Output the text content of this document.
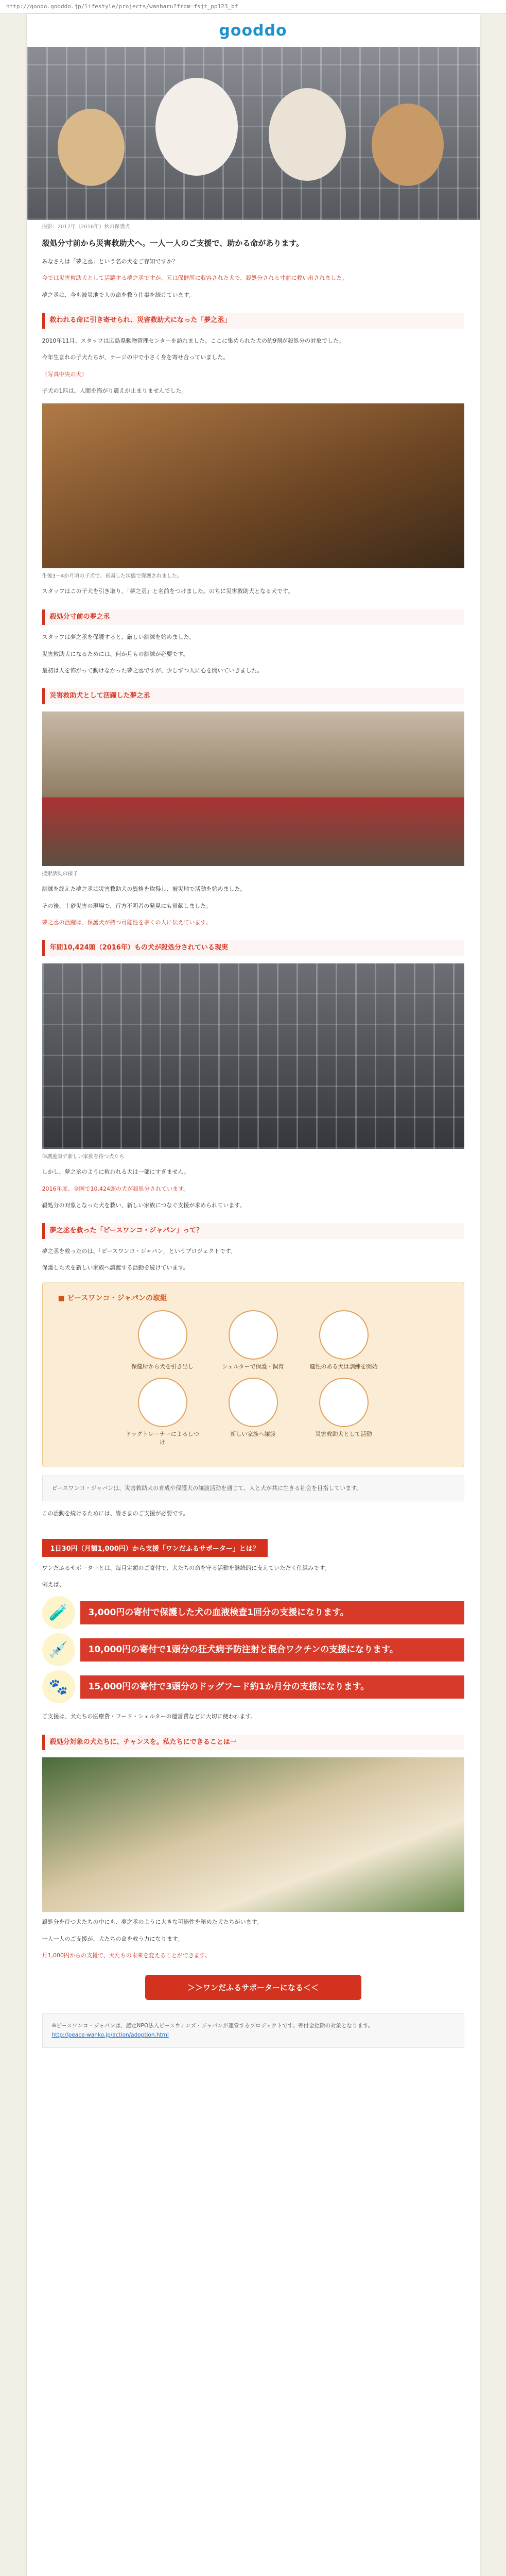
http://goodo.gooddo.jp/lifestyle/projects/wanbaru?from=fsjt_pp123_bf
gooddo
撮影：2017年（2016年）秋の保護犬
殺処分寸前から災害救助犬へ。一人一人のご支援で、助かる命があります。

みなさんは「夢之丞」という名の犬をご存知ですか？

今では災害救助犬として活躍する夢之丞ですが、元は保健所に収容された犬で、殺処分される寸前に救い出されました。

夢之丞は、今も被災地で人の命を救う仕事を続けています。

救われる命に引き寄せられ、災害救助犬になった「夢之丞」

2010年11月、スタッフは広島県動物管理センターを訪れました。ここに集められた犬の約9割が殺処分の対象でした。

今年生まれの子犬たちが、ケージの中で小さく身を寄せ合っていました。

（写真中央の犬）

子犬の1匹は、人間を怖がり震えが止まりませんでした。

生後3〜4か月頃の子犬で、衰弱した状態で保護されました。

スタッフはこの子犬を引き取り、「夢之丞」と名前をつけました。のちに災害救助犬となる犬です。

殺処分寸前の夢之丞

スタッフは夢之丞を保護すると、厳しい訓練を始めました。

災害救助犬になるためには、何か月もの訓練が必要です。

最初は人を怖がって動けなかった夢之丞ですが、少しずつ人に心を開いていきました。

災害救助犬として活躍した夢之丞
捜索活動の様子

訓練を終えた夢之丞は災害救助犬の資格を取得し、被災地で活動を始めました。

その後、土砂災害の現場で、行方不明者の発見にも貢献しました。

夢之丞の活躍は、保護犬が持つ可能性を多くの人に伝えています。

年間10,424頭（2016年）もの犬が殺処分されている現実
保護施設で新しい家族を待つ犬たち

しかし、夢之丞のように救われる犬は一部にすぎません。

2016年度、全国で10,424頭の犬が殺処分されています。

殺処分の対象となった犬を救い、新しい家族につなぐ支援が求められています。

夢之丞を救った「ピースワンコ・ジャパン」って？

夢之丞を救ったのは、「ピースワンコ・ジャパン」というプロジェクトです。

保護した犬を新しい家族へ譲渡する活動を続けています。

■ ピースワンコ・ジャパンの取組
保健所から犬を引き出し	シェルターで保護・飼育	適性のある犬は訓練を開始
ドッグトレーナーによるしつけ
新しい家族へ譲渡	災害救助犬として活動
ピースワンコ・ジャパンは、災害救助犬の育成や保護犬の譲渡活動を通じて、人と犬が共に生きる社会を目指しています。

この活動を続けるためには、皆さまのご支援が必要です。

1日30円（月額1,000円）から支援「ワンだふるサポーター」とは？

ワンだふるサポーターとは、毎月定額のご寄付で、犬たちの命を守る活動を継続的に支えていただく仕組みです。

例えば、

🧪	3,000円の寄付で保護した犬の血液検査1回分の支援になります。
💉	10,000円の寄付で1頭分の狂犬病予防注射と混合ワクチンの支援になります。
🐾	15,000円の寄付で3頭分のドッグフード約1か月分の支援になります。

ご支援は、犬たちの医療費・フード・シェルターの運営費などに大切に使われます。

殺処分対象の犬たちに、チャンスを。私たちにできることは一

殺処分を待つ犬たちの中にも、夢之丞のように大きな可能性を秘めた犬たちがいます。

一人一人のご支援が、犬たちの命を救う力になります。

月1,000円からの支援で、犬たちの未来を変えることができます。

＞＞ワンだふるサポーターになる＜＜
※ピースワンコ・ジャパンは、認定NPO法人ピースウィンズ・ジャパンが運営するプロジェクトです。寄付金控除の対象となります。
http://peace-wanko.jp/action/adoption.html
